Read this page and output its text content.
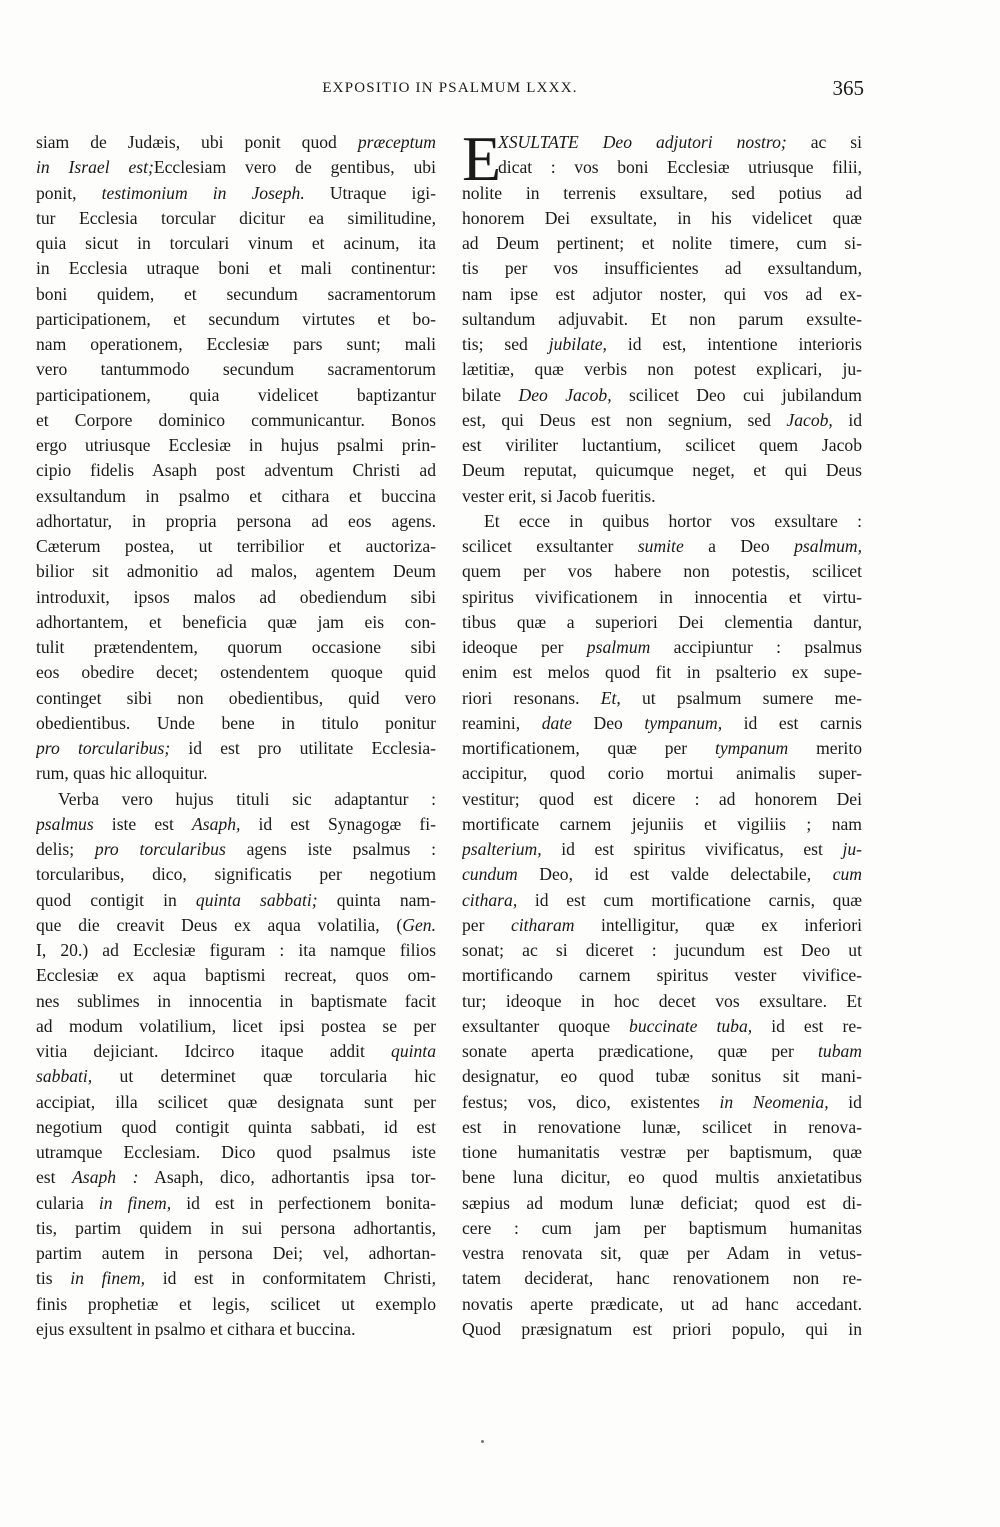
EXPOSITIO IN PSALMUM LXXX.	365
siam de Judæis, ubi ponit quod præceptum
in Israel est;Ecclesiam vero de gentibus, ubi
ponit, testimonium in Joseph. Utraque igi-
tur Ecclesia torcular dicitur ea similitudine,
quia sicut in torculari vinum et acinum, ita
in Ecclesia utraque boni et mali continentur:
boni quidem, et secundum sacramentorum
participationem, et secundum virtutes et bo-
nam operationem, Ecclesiæ pars sunt; mali
vero tantummodo secundum sacramentorum
participationem, quia videlicet baptizantur
et Corpore dominico communicantur. Bonos
ergo utriusque Ecclesiæ in hujus psalmi prin-
cipio fidelis Asaph post adventum Christi ad
exsultandum in psalmo et cithara et buccina
adhortatur, in propria persona ad eos agens.
Cæterum postea, ut terribilior et auctoriza-
bilior sit admonitio ad malos, agentem Deum
introduxit, ipsos malos ad obediendum sibi
adhortantem, et beneficia quæ jam eis con-
tulit prætendentem, quorum occasione sibi
eos obedire decet; ostendentem quoque quid
continget sibi non obedientibus, quid vero
obedientibus. Unde bene in titulo ponitur
pro torcularibus; id est pro utilitate Ecclesia-
rum, quas hic alloquitur.
Verba vero hujus tituli sic adaptantur :
psalmus iste est Asaph, id est Synagogæ fi-
delis; pro torcularibus agens iste psalmus :
torcularibus, dico, significatis per negotium
quod contigit in quinta sabbati; quinta nam-
que die creavit Deus ex aqua volatilia, (Gen.
I, 20.) ad Ecclesiæ figuram : ita namque filios
Ecclesiæ ex aqua baptismi recreat, quos om-
nes sublimes in innocentia in baptismate facit
ad modum volatilium, licet ipsi postea se per
vitia dejiciant. Idcirco itaque addit quinta
sabbati, ut determinet quæ torcularia hic
accipiat, illa scilicet quæ designata sunt per
negotium quod contigit quinta sabbati, id est
utramque Ecclesiam. Dico quod psalmus iste
est Asaph : Asaph, dico, adhortantis ipsa tor-
cularia in finem, id est in perfectionem bonita-
tis, partim quidem in sui persona adhortantis,
partim autem in persona Dei; vel, adhortan-
tis in finem, id est in conformitatem Christi,
finis prophetiæ et legis, scilicet ut exemplo
ejus exsultent in psalmo et cithara et buccina.
E
XSULTATE Deo adjutori nostro; ac si
dicat : vos boni Ecclesiæ utriusque filii,
nolite in terrenis exsultare, sed potius ad
honorem Dei exsultate, in his videlicet quæ
ad Deum pertinent; et nolite timere, cum si-
tis per vos insufficientes ad exsultandum,
nam ipse est adjutor noster, qui vos ad ex-
sultandum adjuvabit. Et non parum exsulte-
tis; sed jubilate, id est, intentione interioris
lætitiæ, quæ verbis non potest explicari, ju-
bilate Deo Jacob, scilicet Deo cui jubilandum
est, qui Deus est non segnium, sed Jacob, id
est viriliter luctantium, scilicet quem Jacob
Deum reputat, quicumque neget, et qui Deus
vester erit, si Jacob fueritis.
Et ecce in quibus hortor vos exsultare :
scilicet exsultanter sumite a Deo psalmum,
quem per vos habere non potestis, scilicet
spiritus vivificationem in innocentia et virtu-
tibus quæ a superiori Dei clementia dantur,
ideoque per psalmum accipiuntur : psalmus
enim est melos quod fit in psalterio ex supe-
riori resonans. Et, ut psalmum sumere me-
reamini, date Deo tympanum, id est carnis
mortificationem, quæ per tympanum merito
accipitur, quod corio mortui animalis super-
vestitur; quod est dicere : ad honorem Dei
mortificate carnem jejuniis et vigiliis ; nam
psalterium, id est spiritus vivificatus, est ju-
cundum Deo, id est valde delectabile, cum
cithara, id est cum mortificatione carnis, quæ
per citharam intelligitur, quæ ex inferiori
sonat; ac si diceret : jucundum est Deo ut
mortificando carnem spiritus vester vivifice-
tur; ideoque in hoc decet vos exsultare. Et
exsultanter quoque buccinate tuba, id est re-
sonate aperta prædicatione, quæ per tubam
designatur, eo quod tubæ sonitus sit mani-
festus; vos, dico, existentes in Neomenia, id
est in renovatione lunæ, scilicet in renova-
tione humanitatis vestræ per baptismum, quæ
bene luna dicitur, eo quod multis anxietatibus
sæpius ad modum lunæ deficiat; quod est di-
cere : cum jam per baptismum humanitas
vestra renovata sit, quæ per Adam in vetus-
tatem deciderat, hanc renovationem non re-
novatis aperte prædicate, ut ad hanc accedant.
Quod præsignatum est priori populo, qui in
